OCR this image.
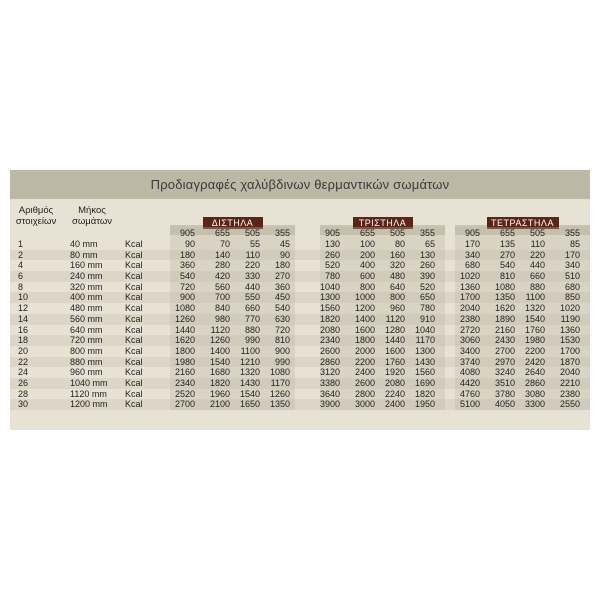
Προδιαγραφές χαλύβδινων θερμαντικών σωμάτων
Αριθμός
στοιχείων
Μήκος
σωμάτων	ΔΙΣΤΗΛΑ	ΤΡΙΣΤΗΛΑ	ΤΕΤΡΑΣΤΗΛΑ
905	655	505	355	905	655	505	355	905	655	505	355
1	40 mm	Kcal	90	70	55	45	130	100	80	65	170	135	110	85
2	80 mm	Kcal	180	140	110	90	260	200	160	130	340	270	220	170
4	160 mm Kcal	360	280	220	180	520	400	320	260	680	540	440	340
6	240 mm Kcal	540	420	330	270	780	600	480	390	1020	810	660	510
8	320 mm Kcal	720	560	440	360	1040	800	640	520	1360	1080	880	680
10	400 mm Kcal	900	700	550	450	1300	1000	800	650	1700	1350	1100	850
12	480 mm Kcal	1080	840	660	540	1560	1200	960	780	2040	1620	1320	1020
14	560 mm Kcal	1260	980	770	630	1820	1400	1120	910	2380	1890	1540	1190
16	640 mm Kcal	1440	1120	880	720	2080	1600	1280	1040	2720	2160	1760	1360
18	720 mm Kcal	1620	1260	990	810	2340	1800	1440	1170	3060	2430	1980	1530
20	800 mm Kcal	1800	1400	1100	900	2600	2000	1600	1300	3400	2700	2200	1700
22	880 mm Kcal	1980	1540	1210	990	2860	2200	1760	1430	3740	2970	2420	1870
24	960 mm Kcal	2160	1680	1320	1080	3120	2400	1920	1560	4080	3240	2640	2040
26	1040 mm Kcal	2340	1820	1430	1170	3380	2600	2080	1690	4420	3510	2860	2210
28	1120 mm Kcal	2520	1960	1540	1260	3640	2800	2240	1820	4760	3780	3080	2380
30	1200 mm Kcal	2700	2100	1650	1350	3900	3000	2400	1950	5100	4050	3300	2550
